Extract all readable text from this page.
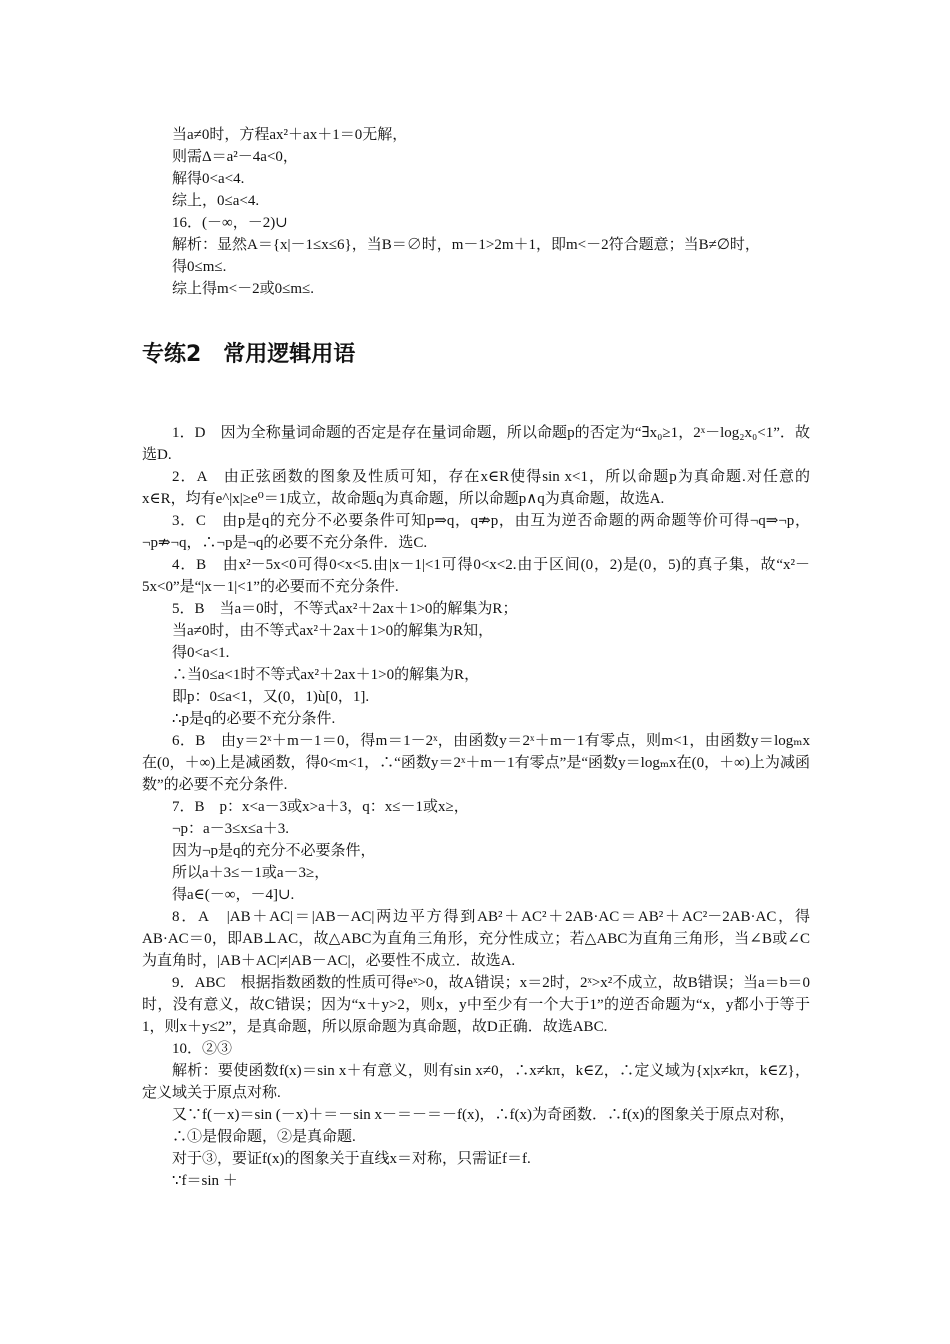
当a≠0时，方程ax²＋ax＋1＝0无解，

则需Δ＝a²－4a<0，

解得0<a<4.

综上，0≤a<4.

16．(－∞，－2)∪

解析：显然A＝{x|－1≤x≤6}，当B＝∅时，m－1>2m＋1，即m<－2符合题意；当B≠∅时，

得0≤m≤.

综上得m<－2或0≤m≤.

专练2　常用逻辑用语

1．D　因为全称量词命题的否定是存在量词命题，所以命题p的否定为“∃x₀≥1，2ˣ－log₂x₀<1”．故选D.

2．A　由正弦函数的图象及性质可知，存在x∈R使得sin x<1，所以命题p为真命题.对任意的x∈R，均有e^|x|≥e⁰＝1成立，故命题q为真命题，所以命题p∧q为真命题，故选A.

3．C　由p是q的充分不必要条件可知p⇒q，q⇏p，由互为逆否命题的两命题等价可得¬q⇒¬p，¬p⇏¬q，∴¬p是¬q的必要不充分条件．选C.

4．B　由x²－5x<0可得0<x<5.由|x－1|<1可得0<x<2.由于区间(0，2)是(0，5)的真子集，故“x²－5x<0”是“|x－1|<1”的必要而不充分条件.

5．B　当a＝0时，不等式ax²＋2ax＋1>0的解集为R；

当a≠0时，由不等式ax²＋2ax＋1>0的解集为R知，

得0<a<1.

∴当0≤a<1时不等式ax²＋2ax＋1>0的解集为R，

即p：0≤a<1，又(0，1)ù[0，1].

∴p是q的必要不充分条件.

6．B　由y＝2ˣ＋m－1＝0，得m＝1－2ˣ，由函数y＝2ˣ＋m－1有零点，则m<1，由函数y＝logₘx在(0，＋∞)上是减函数，得0<m<1，∴“函数y＝2ˣ＋m－1有零点”是“函数y＝logₘx在(0，＋∞)上为减函数”的必要不充分条件.

7．B　p：x<a－3或x>a＋3，q：x≤－1或x≥，

¬p：a－3≤x≤a＋3.

因为¬p是q的充分不必要条件，

所以a＋3≤－1或a－3≥，

得a∈(－∞，－4]∪.

8．A　|AB＋AC|＝|AB－AC|两边平方得到AB²＋AC²＋2AB·AC＝AB²＋AC²－2AB·AC，得AB·AC＝0，即AB⊥AC，故△ABC为直角三角形，充分性成立；若△ABC为直角三角形，当∠B或∠C为直角时，|AB＋AC|≠|AB－AC|，必要性不成立．故选A.

9．ABC　根据指数函数的性质可得eˣ>0，故A错误；x＝2时，2ˣ>x²不成立，故B错误；当a＝b＝0时，没有意义，故C错误；因为“x＋y>2，则x，y中至少有一个大于1”的逆否命题为“x，y都小于等于1，则x＋y≤2”，是真命题，所以原命题为真命题，故D正确．故选ABC.

10．②③

解析：要使函数f(x)＝sin x＋有意义，则有sin x≠0，∴x≠kπ，k∈Z，∴定义域为{x|x≠kπ，k∈Z}，定义域关于原点对称.

又∵f(－x)＝sin (－x)＋＝－sin x－＝－＝－f(x)，∴f(x)为奇函数．∴f(x)的图象关于原点对称，

∴①是假命题，②是真命题.

对于③，要证f(x)的图象关于直线x＝对称，只需证f＝f.

∵f＝sin ＋
